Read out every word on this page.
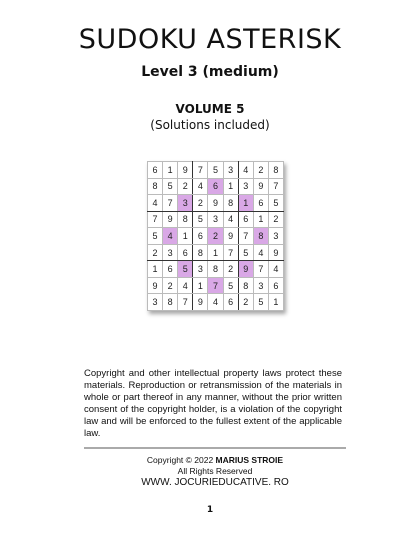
SUDOKU ASTERISK
Level 3 (medium)
VOLUME 5
(Solutions included)
6	1	9	7	5	3	4	2	8
8	5	2	4	6	1	3	9	7
4	7	3	2	9	8	1	6	5
7	9	8	5	3	4	6	1	2
5	4	1	6	2	9	7	8	3
2	3	6	8	1	7	5	4	9
1	6	5	3	8	2	9	7	4
9	2	4	1	7	5	8	3	6
3	8	7	9	4	6	2	5	1
Copyright and other intellectual property laws protect these materials. Reproduction or retransmission of the materials in whole or part thereof in any manner, without the prior written consent of the copyright holder, is a violation of the copyright law and will be enforced to the fullest extent of the applicable law.
Copyright © 2022 MARIUS STROIE
All Rights Reserved
WWW. JOCURIEDUCATIVE. RO
1
